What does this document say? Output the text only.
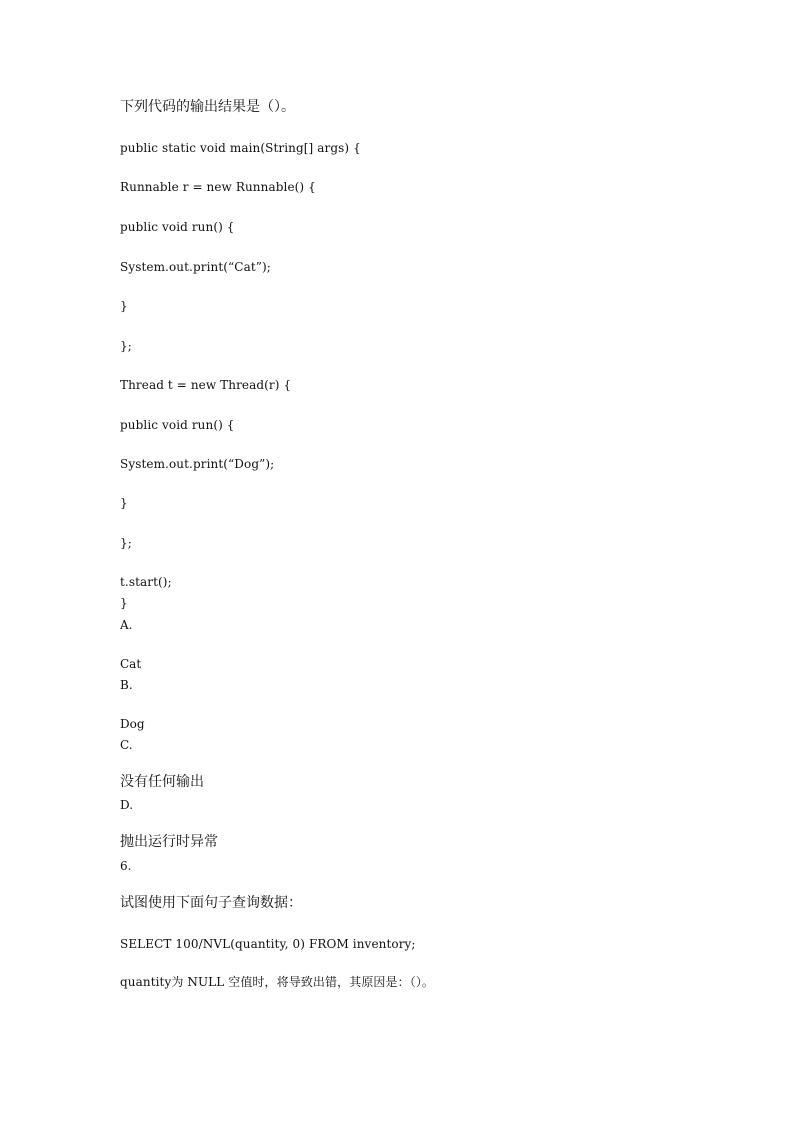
下列代码的输出结果是（）。
public static void main(String[] args) {
Runnable r = new Runnable() {
public void run() {
System.out.print(“Cat”);
}
};
Thread t = new Thread(r) {
public void run() {
System.out.print(“Dog”);
}
};
t.start();
}
A.
Cat
B.
Dog
C.
没有任何输出
D.
抛出运行时异常
6.
试图使用下面句子查询数据：
SELECT 100/NVL(quantity, 0) FROM inventory;
quantity为 NULL 空值时，将导致出错，其原因是：（）。
